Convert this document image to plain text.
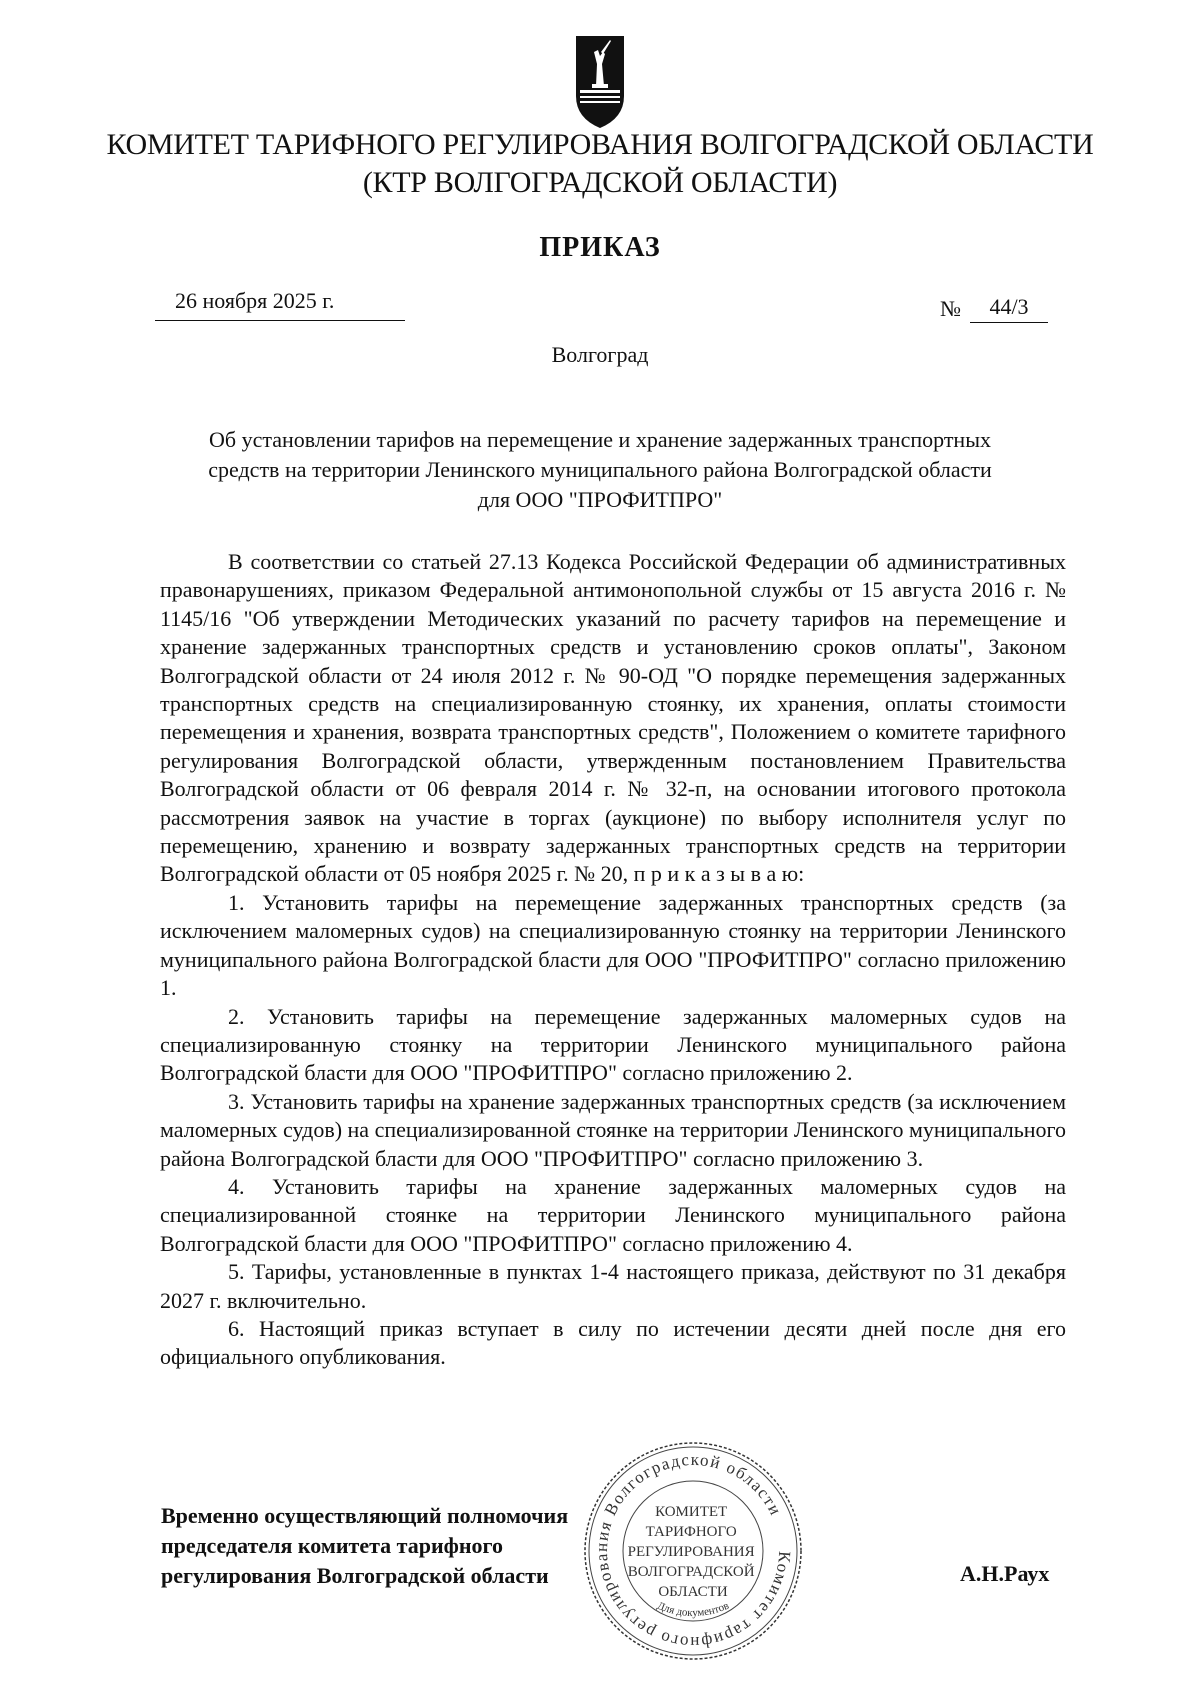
КОМИТЕТ ТАРИФНОГО РЕГУЛИРОВАНИЯ ВОЛГОГРАДСКОЙ ОБЛАСТИ
(КТР ВОЛГОГРАДСКОЙ ОБЛАСТИ)
ПРИКАЗ
26 ноября 2025 г.	№	44/3
Волгоград
Об установлении тарифов на перемещение и хранение задержанных транспортных
средств на территории Ленинского муниципального района Волгоградской области
для ООО "ПРОФИТПРО"

В соответствии со статьей 27.13 Кодекса Российской Федерации об административных правонарушениях, приказом Федеральной антимонопольной службы от 15 августа 2016 г. № 1145/16 "Об утверждении Методических указаний по расчету тарифов на перемещение и хранение задержанных транспортных средств и установлению сроков оплаты", Законом Волгоградской области от 24 июля 2012 г. № 90-ОД "О порядке перемещения задержанных транспортных средств на специализированную стоянку, их хранения, оплаты стоимости перемещения и хранения, возврата транспортных средств", Положением о комитете тарифного регулирования Волгоградской области, утвержденным постановлением Правительства Волгоградской области от 06 февраля 2014 г. № 32-п, на основании итогового протокола рассмотрения заявок на участие в торгах (аукционе) по выбору исполнителя услуг по перемещению, хранению и возврату задержанных транспортных средств на территории Волгоградской области от 05 ноября 2025 г. № 20, п р и к а з ы в а ю:

1. Установить тарифы на перемещение задержанных транспортных средств (за исключением маломерных судов) на специализированную стоянку на территории Ленинского муниципального района Волгоградской бласти для ООО "ПРОФИТПРО" согласно приложению 1.

2. Установить тарифы на перемещение задержанных маломерных судов на специализированную стоянку на территории Ленинского муниципального района Волгоградской бласти для ООО "ПРОФИТПРО" согласно приложению 2.

3. Установить тарифы на хранение задержанных транспортных средств (за исключением маломерных судов) на специализированной стоянке на территории Ленинского муниципального района Волгоградской бласти для ООО "ПРОФИТПРО" согласно приложению 3.

4. Установить тарифы на хранение задержанных маломерных судов на специализированной стоянке на территории Ленинского муниципального района Волгоградской бласти для ООО "ПРОФИТПРО" согласно приложению 4.

5. Тарифы, установленные в пунктах 1-4 настоящего приказа, действуют по 31 декабря 2027 г. включительно.

6. Настоящий приказ вступает в силу по истечении десяти дней после дня его официального опубликования.

Временно осуществляющий полномочия
председателя комитета тарифного
регулирования Волгоградской области	А.Н.Раух
Комитет тарифного регулирования Волгоградской области
КОМИТЕТ ТАРИФНОГО РЕГУЛИРОВАНИЯ ВОЛГОГРАДСКОЙ ОБЛАСТИ
Для документов
